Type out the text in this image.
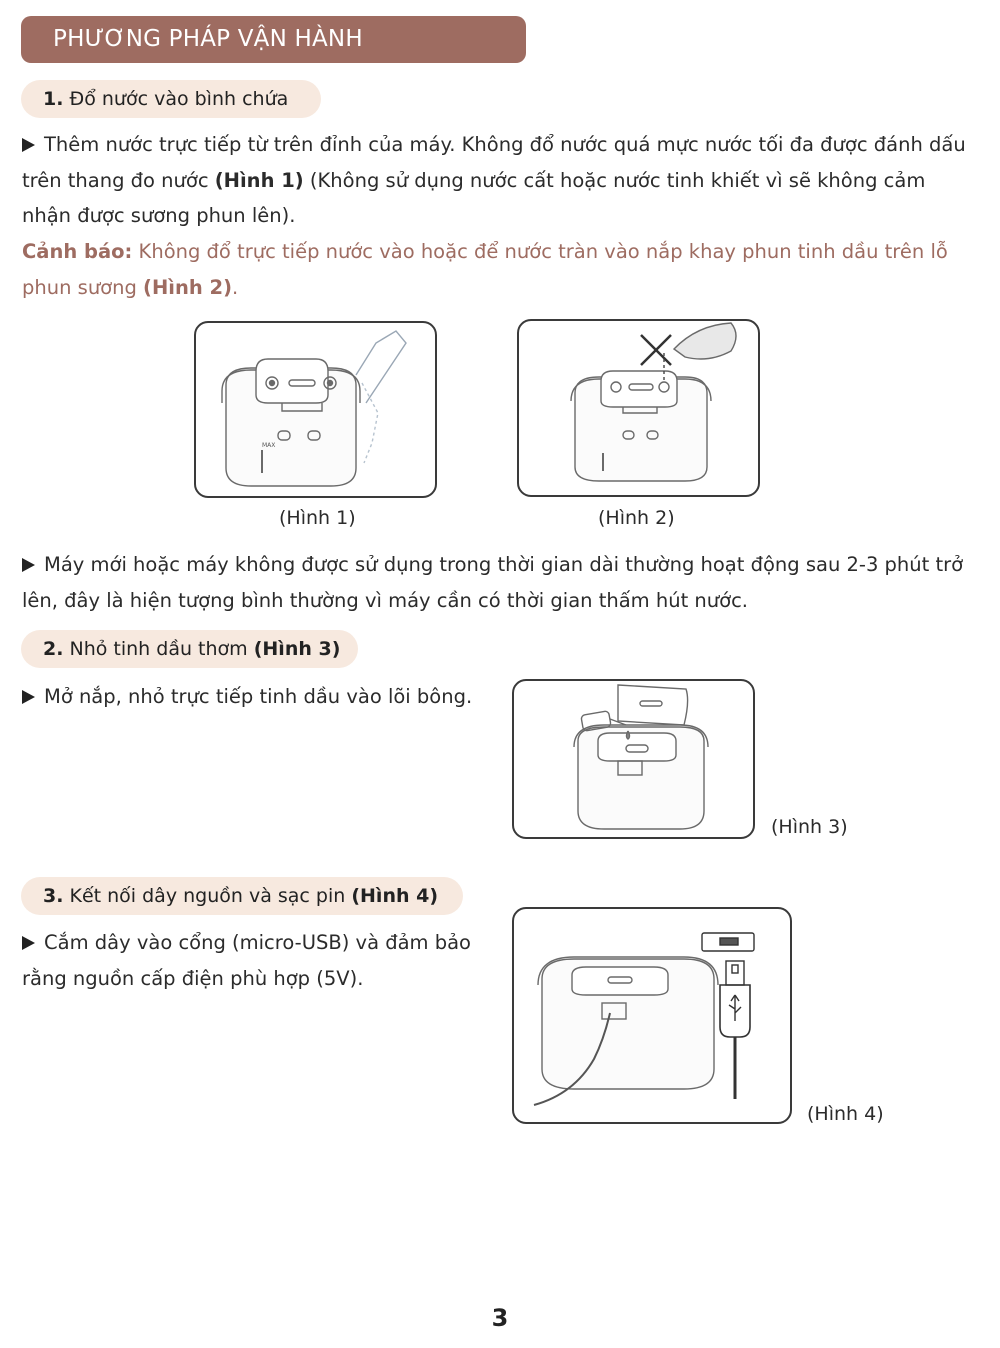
PHƯƠNG PHÁP VẬN HÀNH
1. Đổ nước vào bình chứa
Thêm nước trực tiếp từ trên đỉnh của máy. Không đổ nước quá mực nước tối đa được đánh dấu trên thang đo nước (Hình 1) (Không sử dụng nước cất hoặc nước tinh khiết vì sẽ không cảm nhận được sương phun lên).
Cảnh báo: Không đổ trực tiếp nước vào hoặc để nước tràn vào nắp khay phun tinh dầu trên lỗ phun sương (Hình 2).
MAX
(Hình 1)	(Hình 2)
Máy mới hoặc máy không được sử dụng trong thời gian dài thường hoạt động sau 2-3 phút trở lên, đây là hiện tượng bình thường vì máy cần có thời gian thấm hút nước.
2. Nhỏ tinh dầu thơm (Hình 3)
Mở nắp, nhỏ trực tiếp tinh dầu vào lõi bông.
(Hình 3)
3. Kết nối dây nguồn và sạc pin (Hình 4)
Cắm dây vào cổng (micro-USB) và đảm bảo rằng nguồn cấp điện phù hợp (5V).
(Hình 4)
3
